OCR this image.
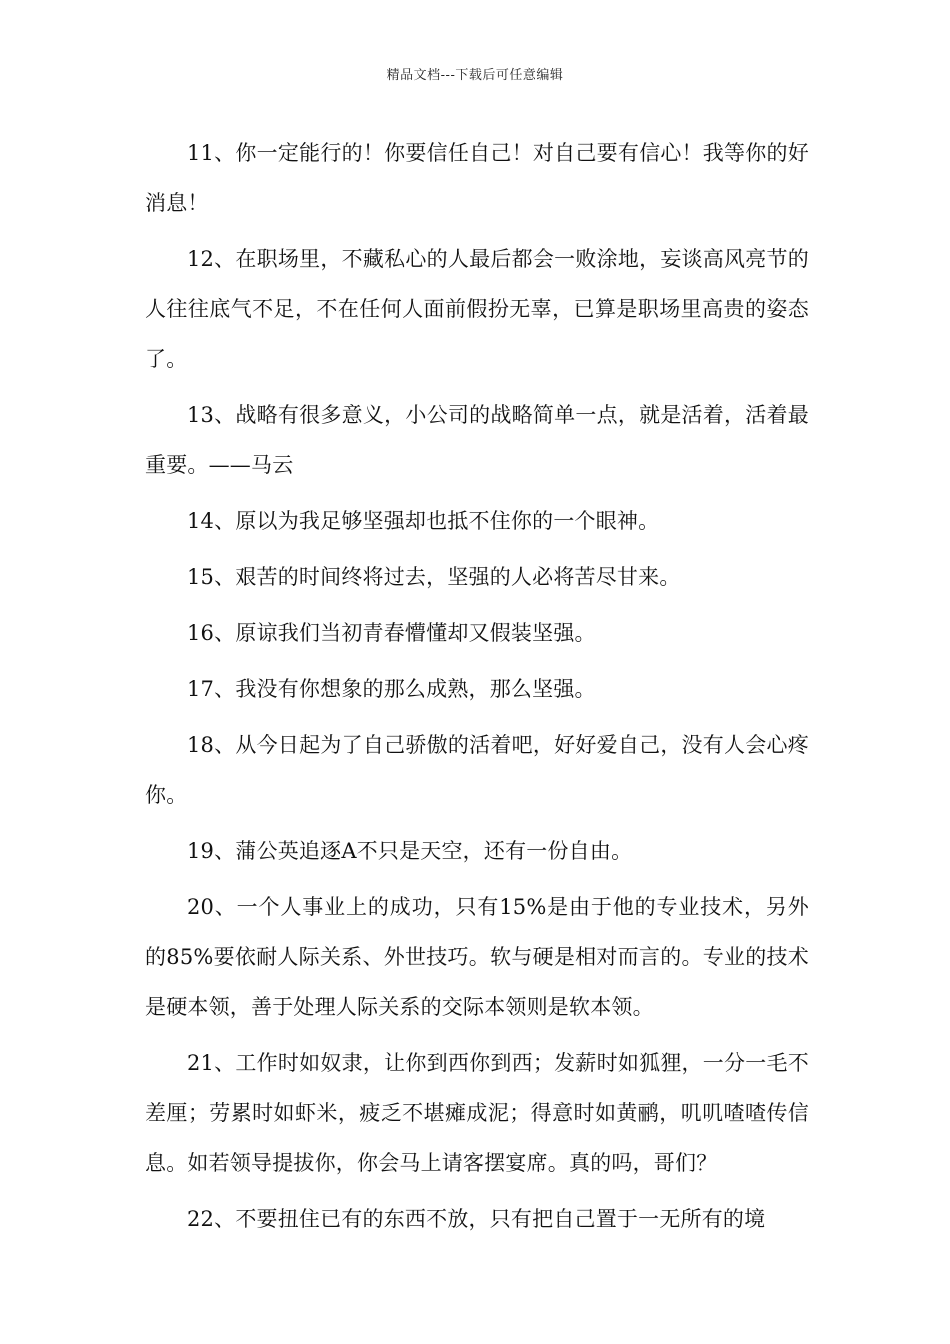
精品文档---下载后可任意编辑

11、你一定能行的！你要信任自己！对自己要有信心！我等你的好消息！

12、在职场里，不藏私心的人最后都会一败涂地，妄谈高风亮节的人往往底气不足，不在任何人面前假扮无辜，已算是职场里高贵的姿态了。

13、战略有很多意义，小公司的战略简单一点，就是活着，活着最重要。——马云

14、原以为我足够坚强却也抵不住你的一个眼神。

15、艰苦的时间终将过去，坚强的人必将苦尽甘来。

16、原谅我们当初青春懵懂却又假装坚强。

17、我没有你想象的那么成熟，那么坚强。

18、从今日起为了自己骄傲的活着吧，好好爱自己，没有人会心疼你。

19、蒲公英追逐A不只是天空，还有一份自由。

20、一个人事业上的成功，只有15%是由于他的专业技术，另外的85%要依耐人际关系、外世技巧。软与硬是相对而言的。专业的技术是硬本领，善于处理人际关系的交际本领则是软本领。

21、工作时如奴隶，让你到西你到西；发薪时如狐狸，一分一毛不差厘；劳累时如虾米，疲乏不堪瘫成泥；得意时如黄鹂，叽叽喳喳传信息。如若领导提拔你，你会马上请客摆宴席。真的吗，哥们？

22、不要扭住已有的东西不放，只有把自己置于一无所有的境
